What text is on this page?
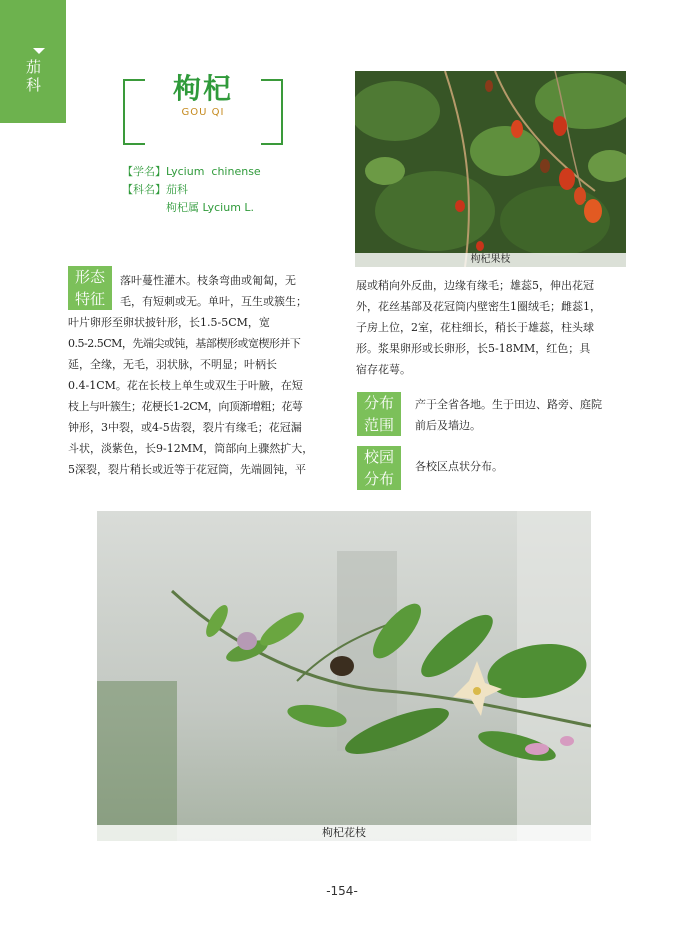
茄科	枸杞
GOU QI
【学名】Lycium  chinense
【科名】茄科
枸杞属 Lycium L.
枸杞果枝
形态
特征
落叶蔓性灌木。枝条弯曲或匍匐，无
毛，有短刺或无。单叶，互生或簇生；
叶片卵形至卵状披针形，长1.5-5CM，宽
0.5-2.5CM，先端尖或钝，基部楔形或宽楔形并下
延，全缘，无毛，羽状脉，不明显；叶柄长
0.4-1CM。花在长枝上单生或双生于叶腋，在短
枝上与叶簇生；花梗长1-2CM，向顶渐增粗；花萼
钟形，3中裂，或4-5齿裂，裂片有缘毛；花冠漏
斗状，淡紫色，长9-12MM，筒部向上骤然扩大，
5深裂，裂片稍长或近等于花冠筒，先端圆钝，平
展或稍向外反曲，边缘有缘毛；雄蕊5，伸出花冠
外，花丝基部及花冠筒内壁密生1圈绒毛；雌蕊1，
子房上位，2室，花柱细长，稍长于雄蕊，柱头球
形。浆果卵形或长卵形，长5-18MM，红色；具
宿存花萼。
分布
范围
产于全省各地。生于田边、路旁、庭院
前后及墙边。
校园
分布
各校区点状分布。
枸杞花枝
-154-
